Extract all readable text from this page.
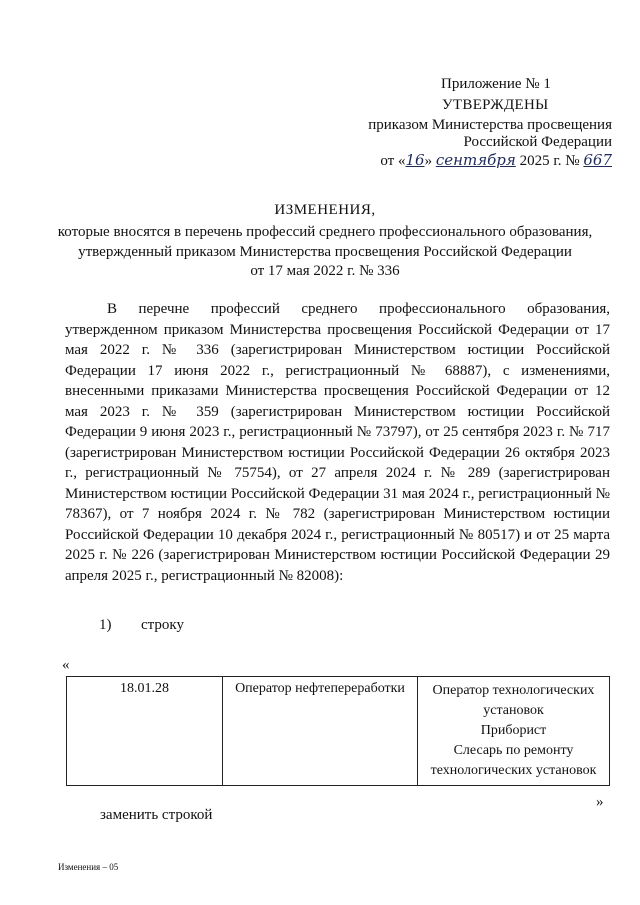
Приложение № 1
УТВЕРЖДЕНЫ
приказом Министерства просвещения
Российской Федерации
от «16» сентября 2025 г. № 667
ИЗМЕНЕНИЯ,
которые вносятся в перечень профессий среднего профессионального образования,
утвержденный приказом Министерства просвещения Российской Федерации
от 17 мая 2022 г. № 336
В перечне профессий среднего профессионального образования, утвержденном приказом Министерства просвещения Российской Федерации от 17 мая 2022 г. № 336 (зарегистрирован Министерством юстиции Российской Федерации 17 июня 2022 г., регистрационный № 68887), с изменениями, внесенными приказами Министерства просвещения Российской Федерации от 12 мая 2023 г. № 359 (зарегистрирован Министерством юстиции Российской Федерации 9 июня 2023 г., регистрационный № 73797), от 25 сентября 2023 г. № 717 (зарегистрирован Министерством юстиции Российской Федерации 26 октября 2023 г., регистрационный № 75754), от 27 апреля 2024 г. № 289 (зарегистрирован Министерством юстиции Российской Федерации 31 мая 2024 г., регистрационный № 78367), от 7 ноября 2024 г. № 782 (зарегистрирован Министерством юстиции Российской Федерации 10 декабря 2024 г., регистрационный № 80517) и от 25 марта 2025 г. № 226 (зарегистрирован Министерством юстиции Российской Федерации 29 апреля 2025 г., регистрационный № 82008):
1) строку
«
18.01.28	Оператор нефтепереработки	Оператор технологических
установок
Приборист
Слесарь по ремонту
технологических установок
»
заменить строкой
Изменения – 05
